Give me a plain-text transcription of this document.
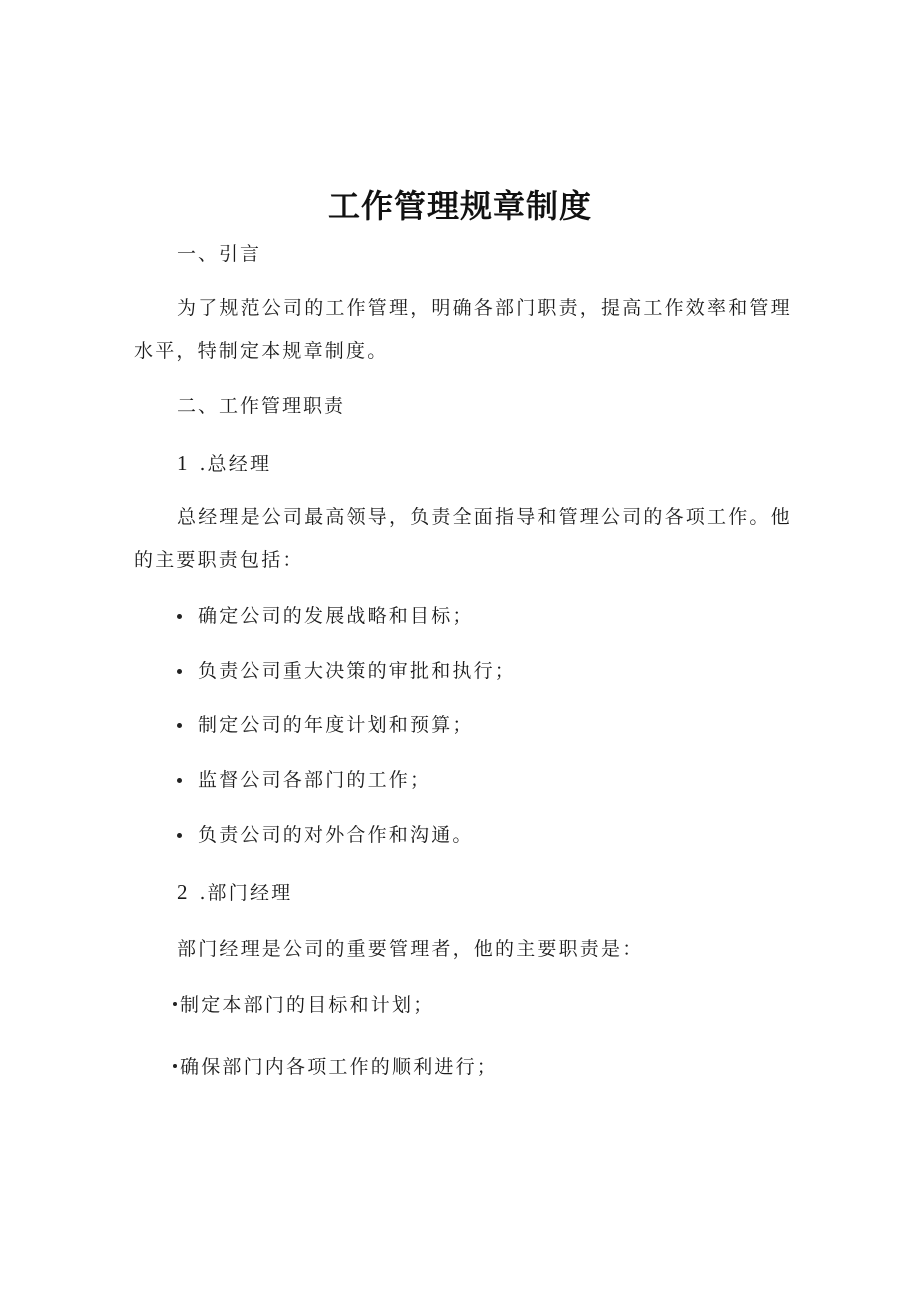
工作管理规章制度
一、引言
为了规范公司的工作管理，明确各部门职责，提高工作效率和管理
水平，特制定本规章制度。
二、工作管理职责
1 . 总经理
总经理是公司最高领导，负责全面指导和管理公司的各项工作。他
的主要职责包括：
确定公司的发展战略和目标；
负责公司重大决策的审批和执行；
制定公司的年度计划和预算；
监督公司各部门的工作；
负责公司的对外合作和沟通。
2 . 部门经理
部门经理是公司的重要管理者，他的主要职责是：
制定本部门的目标和计划；
确保部门内各项工作的顺利进行；
